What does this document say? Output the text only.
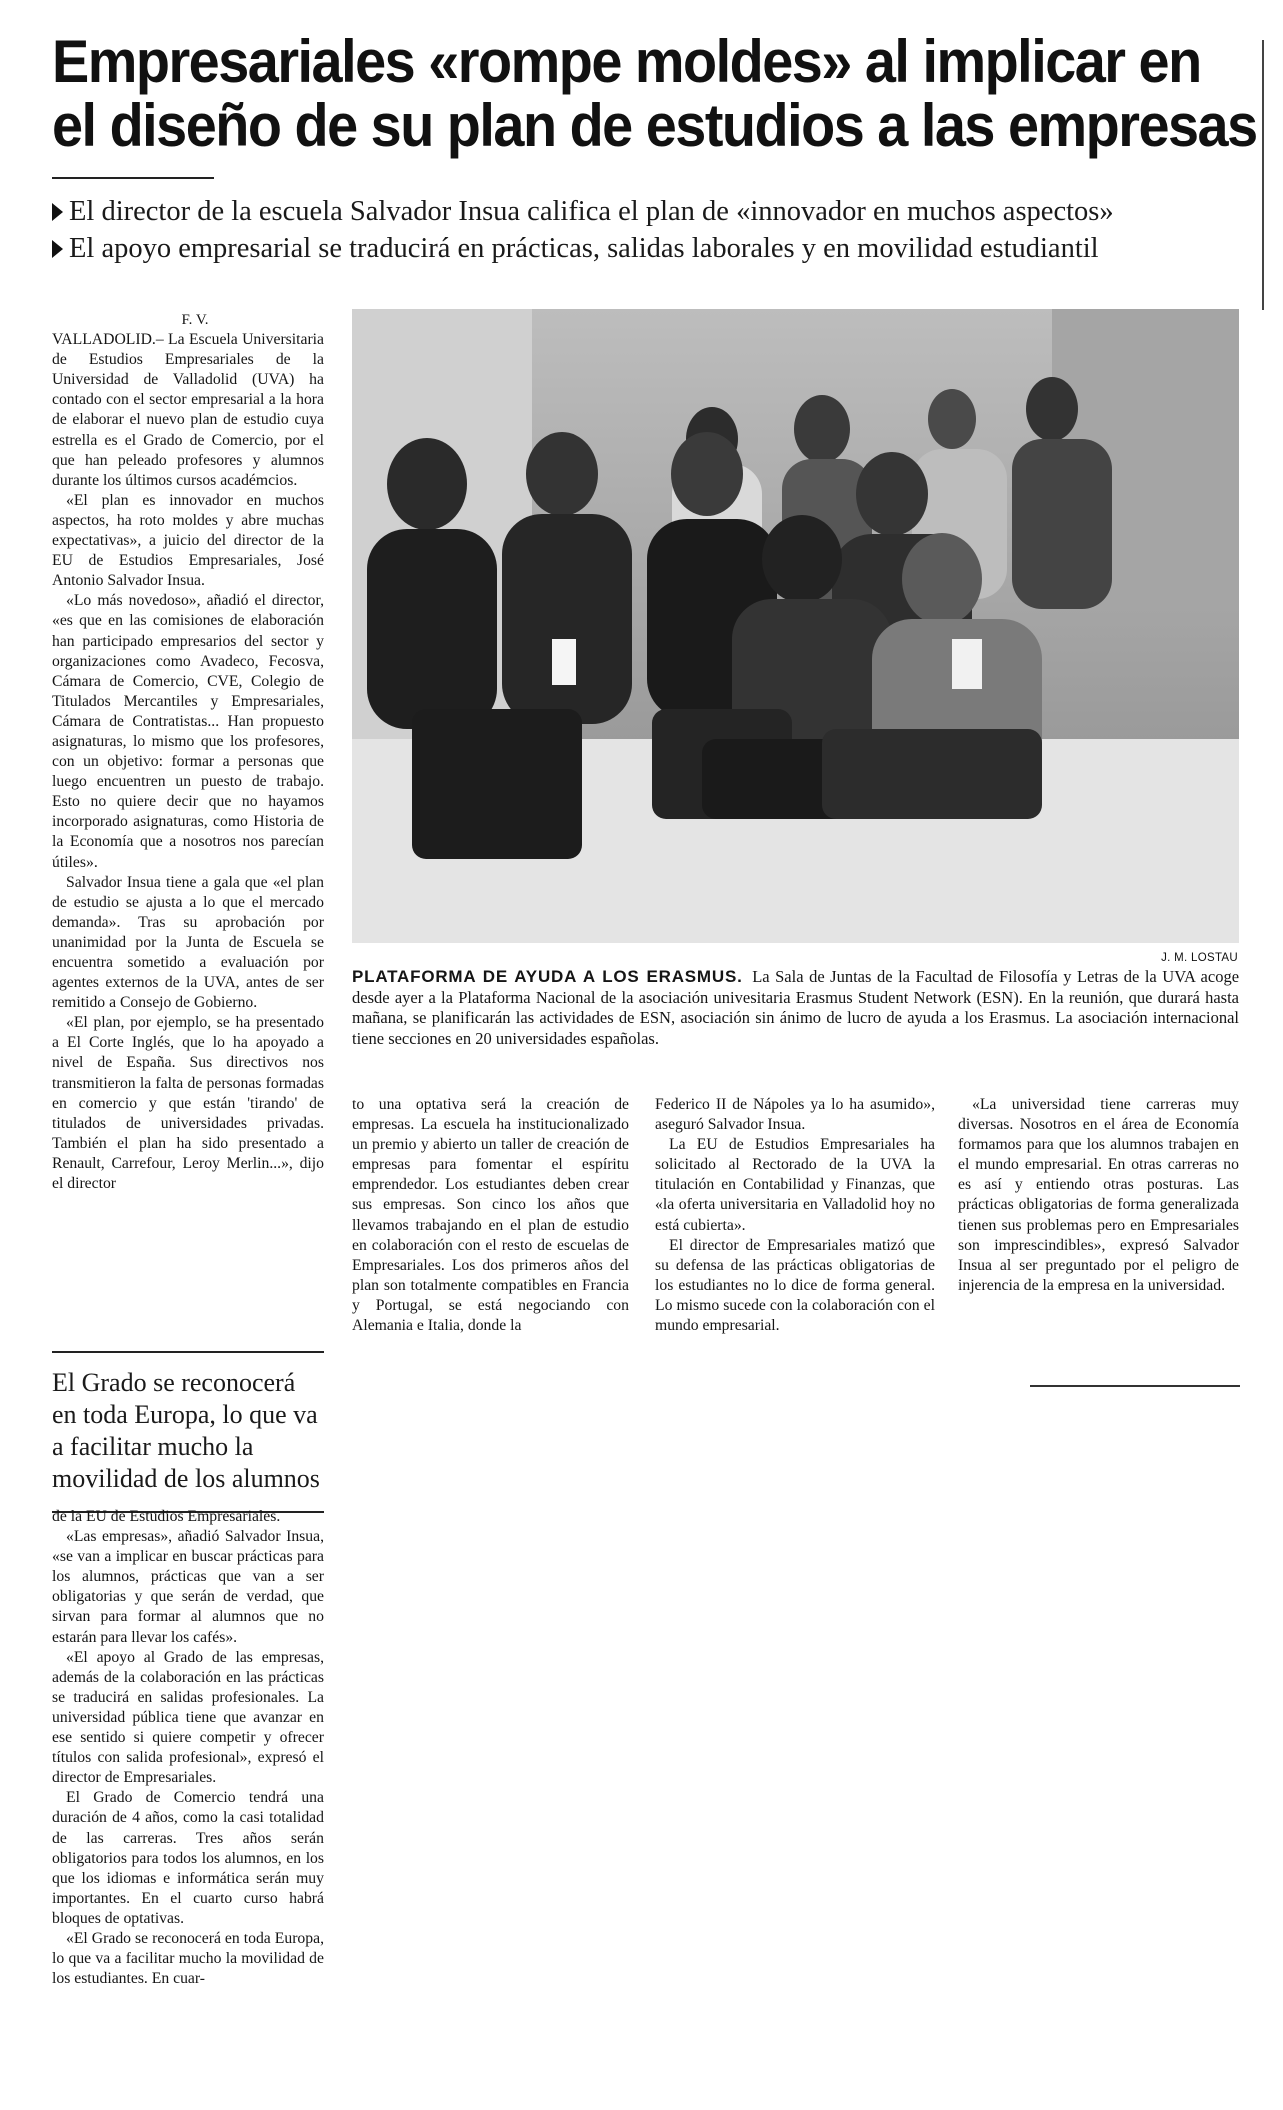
Empresariales «rompe moldes» al implicar en
el diseño de su plan de estudios a las empresas
El director de la escuela Salvador Insua califica el plan de «innovador en muchos aspectos»
El apoyo empresarial se traducirá en prácticas, salidas laborales y en movilidad estudiantil

F. V.

VALLADOLID.– La Escuela Universitaria de Estudios Empresariales de la Universidad de Valladolid (UVA) ha contado con el sector empresarial a la hora de elaborar el nuevo plan de estudio cuya estrella es el Grado de Comercio, por el que han peleado profesores y alumnos durante los últimos cursos académcios.

«El plan es innovador en muchos aspectos, ha roto moldes y abre muchas expectativas», a juicio del director de la EU de Estudios Empresariales, José Antonio Salvador Insua.

«Lo más novedoso», añadió el director, «es que en las comisiones de elaboración han participado empresarios del sector y organizaciones como Avadeco, Fecosva, Cámara de Comercio, CVE, Colegio de Titulados Mercantiles y Empresariales, Cámara de Contratistas... Han propuesto asignaturas, lo mismo que los profesores, con un objetivo: formar a personas que luego encuentren un puesto de trabajo. Esto no quiere decir que no hayamos incorporado asignaturas, como Historia de la Economía que a nosotros nos parecían útiles».

Salvador Insua tiene a gala que «el plan de estudio se ajusta a lo que el mercado demanda». Tras su aprobación por unanimidad por la Junta de Escuela se encuentra sometido a evaluación por agentes externos de la UVA, antes de ser remitido a Consejo de Gobierno.

«El plan, por ejemplo, se ha presentado a El Corte Inglés, que lo ha apoyado a nivel de España. Sus directivos nos transmitieron la falta de personas formadas en comercio y que están 'tirando' de titulados de universidades privadas. También el plan ha sido presentado a Renault, Carrefour, Leroy Merlin...», dijo el director

El Grado se reconocerá en toda Europa, lo que va a facilitar mucho la movilidad de los alumnos

de la EU de Estudios Empresariales.

«Las empresas», añadió Salvador Insua, «se van a implicar en buscar prácticas para los alumnos, prácticas que van a ser obligatorias y que serán de verdad, que sirvan para formar al alumnos que no estarán para llevar los cafés».

«El apoyo al Grado de las empresas, además de la colaboración en las prácticas se traducirá en salidas profesionales. La universidad pública tiene que avanzar en ese sentido si quiere competir y ofrecer títulos con salida profesional», expresó el director de Empresariales.

El Grado de Comercio tendrá una duración de 4 años, como la casi totalidad de las carreras. Tres años serán obligatorios para todos los alumnos, en los que los idiomas e informática serán muy importantes. En el cuarto curso habrá bloques de optativas.

«El Grado se reconocerá en toda Europa, lo que va a facilitar mucho la movilidad de los estudiantes. En cuar-

J. M. LOSTAU
PLATAFORMA DE AYUDA A LOS ERASMUS. La Sala de Juntas de la Facultad de Filosofía y Letras de la UVA acoge desde ayer a la Plataforma Nacional de la asociación univesitaria Erasmus Student Network (ESN). En la reunión, que durará hasta mañana, se planificarán las actividades de ESN, asociación sin ánimo de lucro de ayuda a los Erasmus. La asociación internacional tiene secciones en 20 universidades españolas.

to una optativa será la creación de empresas. La escuela ha institucionalizado un premio y abierto un taller de creación de empresas para fomentar el espíritu emprendedor. Los estudiantes deben crear sus empresas. Son cinco los años que llevamos trabajando en el plan de estudio en colaboración con el resto de escuelas de Empresariales. Los dos primeros años del plan son totalmente compatibles en Francia y Portugal, se está negociando con Alemania e Italia, donde la

Federico II de Nápoles ya lo ha asumido», aseguró Salvador Insua.

La EU de Estudios Empresariales ha solicitado al Rectorado de la UVA la titulación en Contabilidad y Finanzas, que «la oferta universitaria en Valladolid hoy no está cubierta».

El director de Empresariales matizó que su defensa de las prácticas obligatorias de los estudiantes no lo dice de forma general. Lo mismo sucede con la colaboración con el mundo empresarial.

«La universidad tiene carreras muy diversas. Nosotros en el área de Economía formamos para que los alumnos trabajen en el mundo empresarial. En otras carreras no es así y entiendo otras posturas. Las prácticas obligatorias de forma generalizada tienen sus problemas pero en Empresariales son imprescindibles», expresó Salvador Insua al ser preguntado por el peligro de injerencia de la empresa en la universidad.
